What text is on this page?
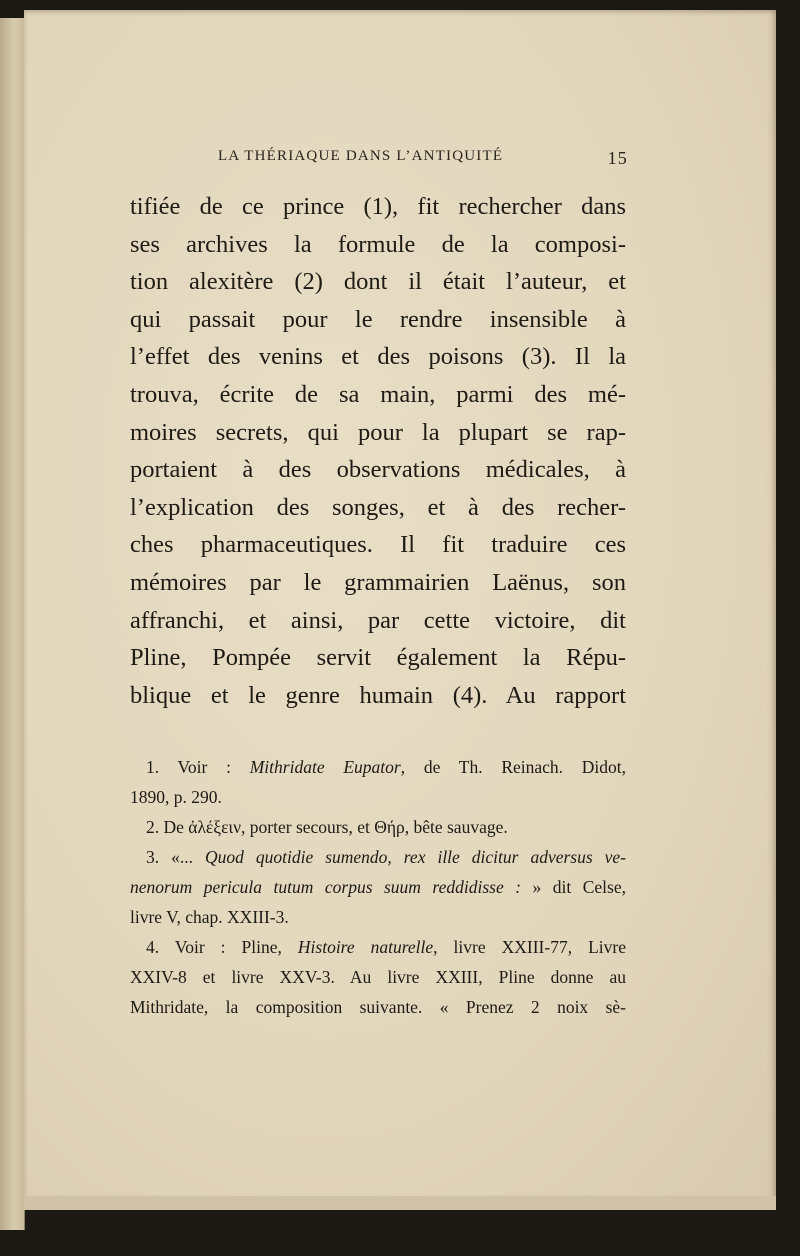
LA THÉRIAQUE DANS L’ANTIQUITÉ	15
tifiée de ce prince (1), fit rechercher dans
ses archives la formule de la composi-
tion alexitère (2) dont il était l’auteur, et
qui passait pour le rendre insensible à
l’effet des venins et des poisons (3). Il la
trouva, écrite de sa main, parmi des mé-
moires secrets, qui pour la plupart se rap-
portaient à des observations médicales, à
l’explication des songes, et à des recher-
ches pharmaceutiques. Il fit traduire ces
mémoires par le grammairien Laënus, son
affranchi, et ainsi, par cette victoire, dit
Pline, Pompée servit également la Répu-
blique et le genre humain (4). Au rapport
1. Voir : Mithridate Eupator, de Th. Reinach. Didot,
1890, p. 290.
2. De ἀλέξειν, porter secours, et Θήρ, bête sauvage.
3. «... Quod quotidie sumendo, rex ille dicitur adversus ve-
nenorum pericula tutum corpus suum reddidisse : » dit Celse,
livre V, chap. XXIII-3.
4. Voir : Pline, Histoire naturelle, livre XXIII-77, Livre
XXIV-8 et livre XXV-3. Au livre XXIII, Pline donne au
Mithridate, la composition suivante. « Prenez 2 noix sè-
